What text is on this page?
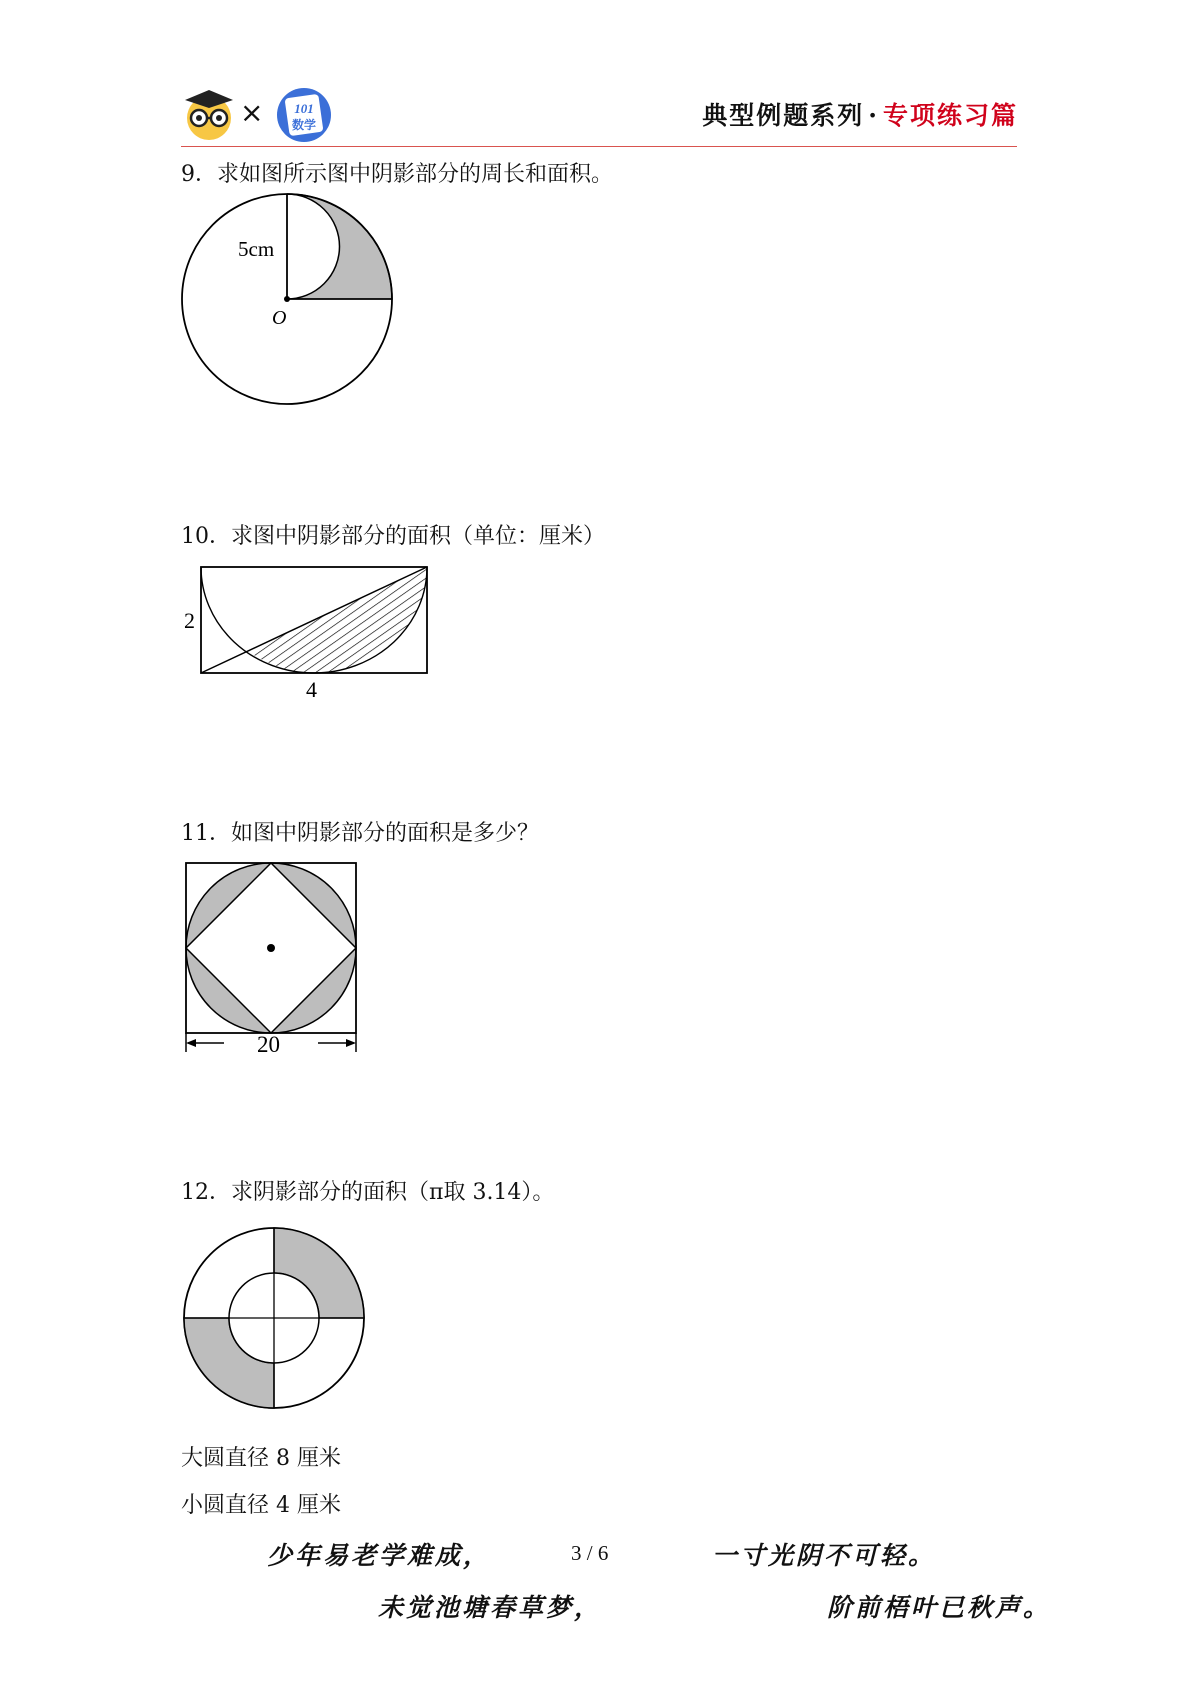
× 101
数学	典型例题系列 · 专项练习篇
9．求如图所示图中阴影部分的周长和面积。
5cm
O
10．求图中阴影部分的面积（单位：厘米）
2
4
11．如图中阴影部分的面积是多少？
20
12．求阴影部分的面积（π取 3.14）。
大圆直径 8 厘米
小圆直径 4 厘米
少年易老学难成，	3 / 6	一寸光阴不可轻。
未觉池塘春草梦，	阶前梧叶已秋声。
